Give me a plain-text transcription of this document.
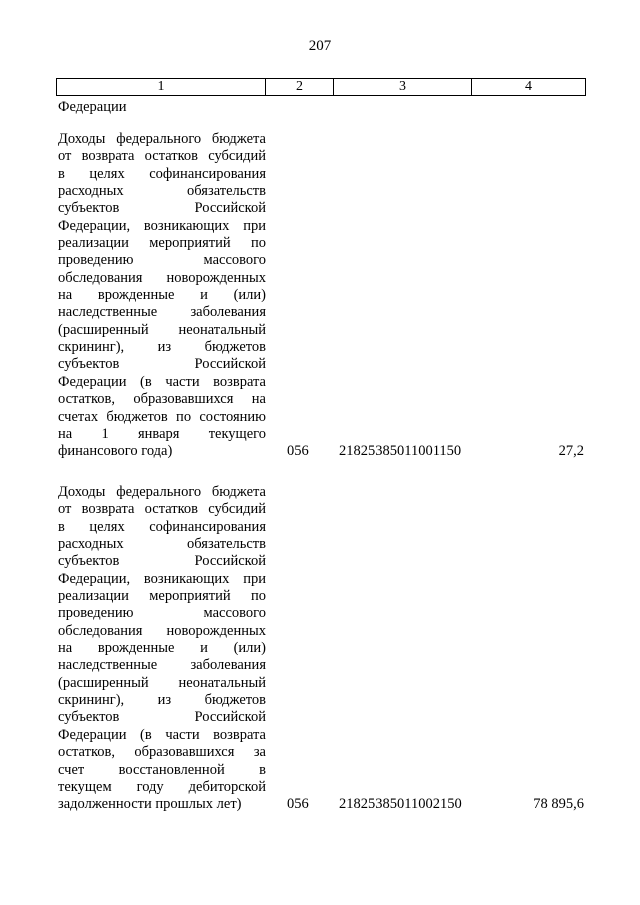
207
1	2	3	4
Федерации
Доходы федерального бюджета
от возврата остатков субсидий
в целях софинансирования
расходных обязательств
субъектов Российской
Федерации, возникающих при
реализации мероприятий по
проведению массового
обследования новорожденных
на врожденные и (или)
наследственные заболевания
(расширенный неонатальный
скрининг), из бюджетов
субъектов Российской
Федерации (в части возврата
остатков, образовавшихся на
счетах бюджетов по состоянию
на 1 января текущего
финансового года)	056	21825385011001150	27,2
Доходы федерального бюджета
от возврата остатков субсидий
в целях софинансирования
расходных обязательств
субъектов Российской
Федерации, возникающих при
реализации мероприятий по
проведению массового
обследования новорожденных
на врожденные и (или)
наследственные заболевания
(расширенный неонатальный
скрининг), из бюджетов
субъектов Российской
Федерации (в части возврата
остатков, образовавшихся за
счет восстановленной в
текущем году дебиторской
задолженности прошлых лет)	056	21825385011002150	78 895,6
